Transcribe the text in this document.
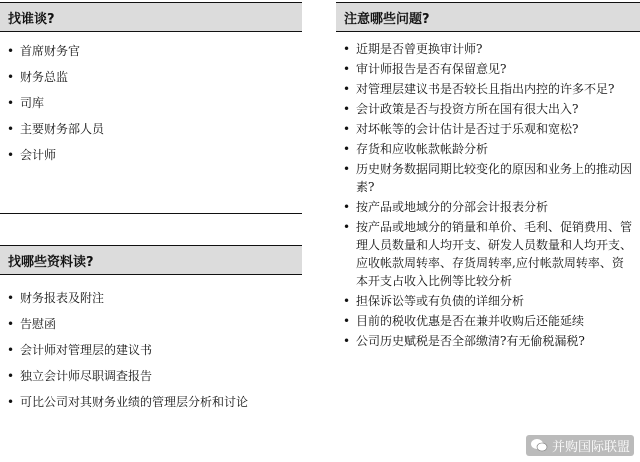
找谁谈?
• 首席财务官
• 财务总监
• 司库
• 主要财务部人员
• 会计师
找哪些资料读?
• 财务报表及附注
• 告慰函
• 会计师对管理层的建议书
• 独立会计师尽职调查报告
• 可比公司对其财务业绩的管理层分析和讨论
注意哪些问题?
• 近期是否曾更换审计师?
• 审计师报告是否有保留意见?
• 对管理层建议书是否较长且指出内控的许多不足?
• 会计政策是否与投资方所在国有很大出入?
• 对坏帐等的会计估计是否过于乐观和宽松?
• 存货和应收帐款帐龄分析
• 历史财务数据同期比较变化的原因和业务上的推动因素?
• 按产品或地域分的分部会计报表分析
• 按产品或地域分的销量和单价、毛利、促销费用、管理人员数量和人均开支、研发人员数量和人均开支、应收帐款周转率、存货周转率,应付帐款周转率、资本开支占收入比例等比较分析
• 担保诉讼等或有负债的详细分析
• 目前的税收优惠是否在兼并收购后还能延续
• 公司历史赋税是否全部缴清?有无偷税漏税?
并购国际联盟
